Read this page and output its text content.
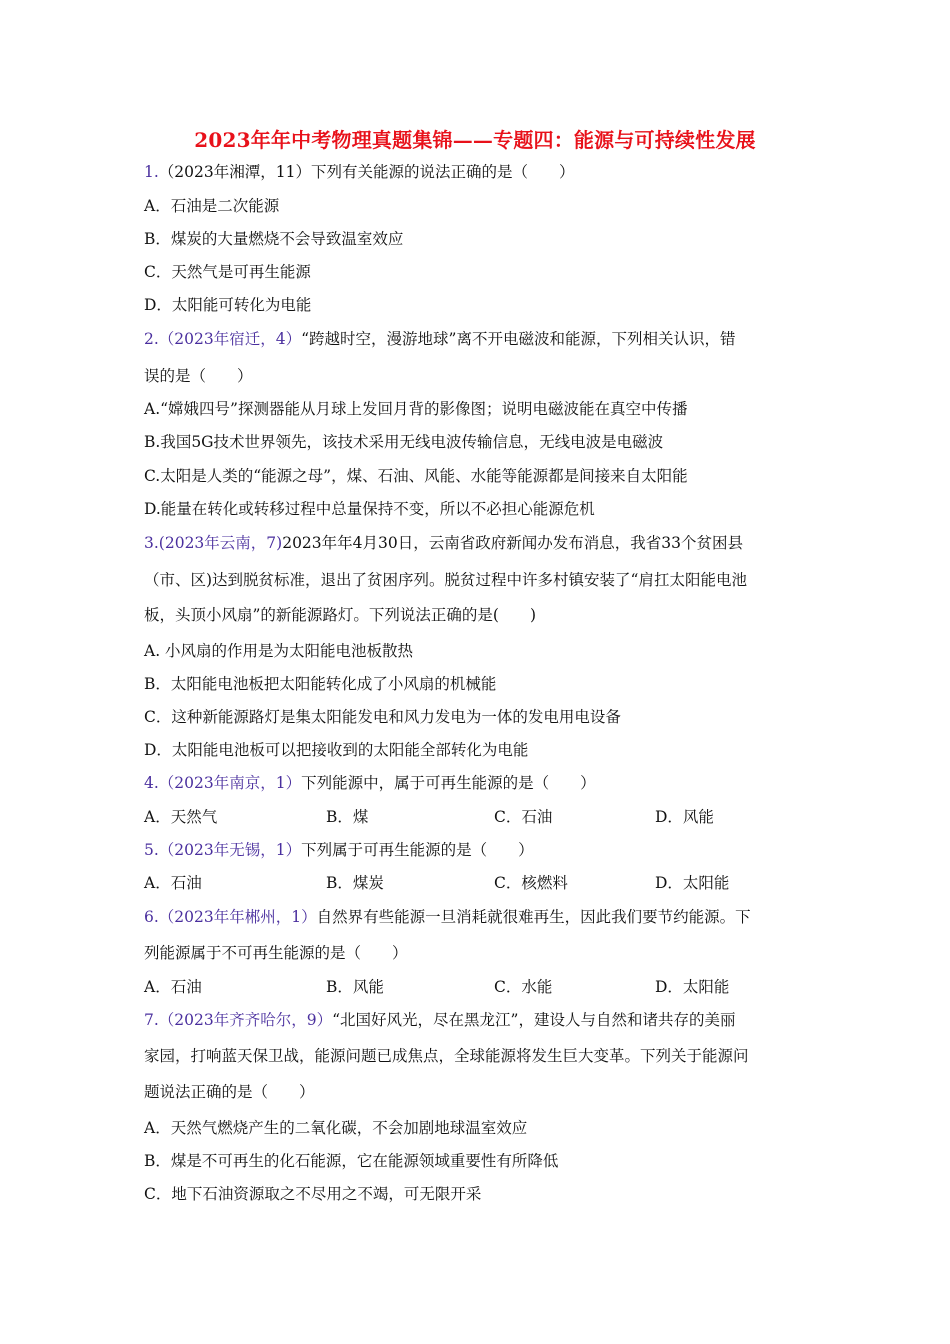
2023年年中考物理真题集锦——专题四：能源与可持续性发展
1.（2023年湘潭，11）下列有关能源的说法正确的是（　　）
A．石油是二次能源
B．煤炭的大量燃烧不会导致温室效应
C．天然气是可再生能源
D．太阳能可转化为电能
2.（2023年宿迁，4）“跨越时空，漫游地球”离不开电磁波和能源，下列相关认识，错
误的是（　　）
A.“嫦娥四号”探测器能从月球上发回月背的影像图；说明电磁波能在真空中传播
B.我国5G技术世界领先，该技术采用无线电波传输信息，无线电波是电磁波
C.太阳是人类的“能源之母”，煤、石油、风能、水能等能源都是间接来自太阳能
D.能量在转化或转移过程中总量保持不变，所以不必担心能源危机
3.(2023年云南，7)2023年年4月30日，云南省政府新闻办发布消息，我省33个贫困县
（市、区)达到脱贫标准，退出了贫困序列。脱贫过程中许多村镇安装了“肩扛太阳能电池
板，头顶小风扇”的新能源路灯。下列说法正确的是(　　)
A. 小风扇的作用是为太阳能电池板散热
B．太阳能电池板把太阳能转化成了小风扇的机械能
C．这种新能源路灯是集太阳能发电和风力发电为一体的发电用电设备
D．太阳能电池板可以把接收到的太阳能全部转化为电能
4.（2023年南京，1）下列能源中，属于可再生能源的是（　　）
A．天然气	B．煤	C．石油	D．风能
5.（2023年无锡，1）下列属于可再生能源的是（　　）
A．石油	B．煤炭	C．核燃料	D．太阳能
6.（2023年年郴州，1）自然界有些能源一旦消耗就很难再生，因此我们要节约能源。下
列能源属于不可再生能源的是（　　）
A．石油	B．风能	C．水能	D．太阳能
7.（2023年齐齐哈尔，9）“北国好风光，尽在黑龙江”，建设人与自然和诸共存的美丽
家园，打响蓝天保卫战，能源问题已成焦点，全球能源将发生巨大变革。下列关于能源问
题说法正确的是（　　）
A．天然气燃烧产生的二氧化碳，不会加剧地球温室效应
B．煤是不可再生的化石能源，它在能源领域重要性有所降低
C．地下石油资源取之不尽用之不竭，可无限开采
